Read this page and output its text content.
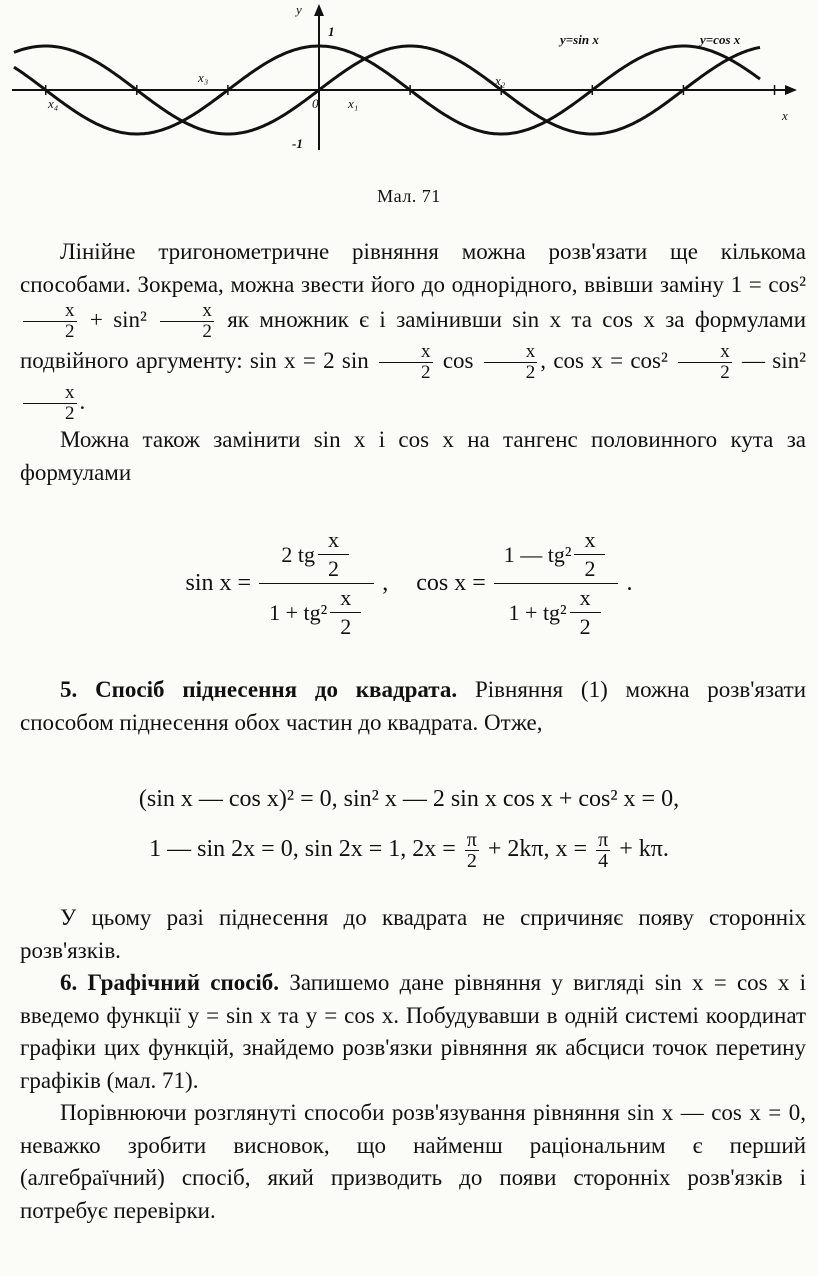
y
x
1
-1
0 x₁
x₂
x₃
x₄
y=sin x	y=cos x
Мал. 71

Лінійне тригонометричне рівняння можна розв'язати ще кількома способами. Зокрема, можна звести його до однорідного, ввівши заміну 1 = cos²
$\frac{x}{2} + \sin^2 \frac{x}{2}$ як множник є і замінивши sin x та cos x за формулами подвійного аргументу: sin x = 2 $\sin \frac{x}{2}$ $\cos \frac{x}{2}$ , $\cos x = \cos^2 \frac{x}{2}$ — sin²
$\frac{x}{2}$ .

Можна також замінити sin x і cos x на тангенс половинного кута за формулами

$\sin x = \frac{2 tg \frac{x}{2}}{1 + tg^2 \frac{x}{2}}$ , $\cos x = \frac{1 — tg^2 \frac{x}{2}}{1 + tg^2 \frac{x}{2}}$ .

5. Спосіб піднесення до квадрата. Рівняння (1) можна розв'язати способом піднесення обох частин до квадрата. Отже,

(sin x — cos x)² = 0, sin² x — 2 sin x cos x + cos² x = 0,
1 — sin 2x = 0, sin 2x = 1, $2x = \frac{\pi}{2} + 2k\pi$, $x = \frac{\pi}{4} + k\pi$.

У цьому разі піднесення до квадрата не спричиняє появу сторонніх розв'язків.

6. Графічний спосіб. Запишемо дане рівняння у вигляді sin x = cos x і введемо функції y = sin x та y = cos x. Побудувавши в одній системі координат графіки цих функцій, знайдемо розв'язки рівняння як абсциси точок перетину графіків (мал. 71).

Порівнюючи розглянуті способи розв'язування рівняння sin x — cos x = 0, неважко зробити висновок, що найменш раціональним є перший (алгебраїчний) спосіб, який призводить до появи сторонніх розв'язків і потребує перевірки.
